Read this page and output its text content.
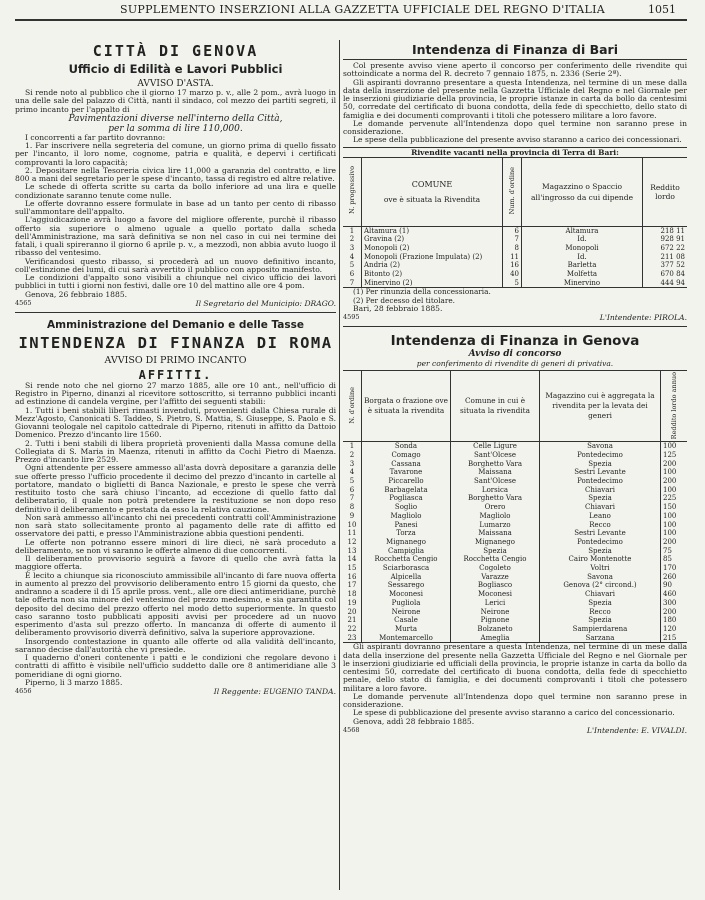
SUPPLEMENTO INSERZIONI ALLA GAZZETTA UFFICIALE DEL REGNO D'ITALIA	1051
CITTÀ DI GENOVA
Ufficio di Edilità e Lavori Pubblici
AVVISO D'ASTA.

Si rende noto al pubblico che il giorno 17 marzo p. v., alle 2 pom., avrà luogo in una delle sale del palazzo di Città, nanti il sindaco, col mezzo dei partiti segreti, il primo incanto per l'appalto di

Pavimentazioni diverse nell'interno della Città,
per la somma di lire 110,000.

I concorrenti a far partito dovranno:

1. Far inscrivere nella segreteria del comune, un giorno prima di quello fissato per l'incanto, il loro nome, cognome, patria e qualità, e depervi i certificati comprovanti la loro capacità;

2. Depositare nella Tesoreria civica lire 11,000 a garanzia del contratto, e lire 800 a mani del segretario per le spese d'incanto, tassa di registro ed altre relative.

Le schede di offerta scritte su carta da bollo inferiore ad una lira e quelle condizionate saranno tenute come nulle.

Le offerte dovranno essere formulate in base ad un tanto per cento di ribasso sull'ammontare dell'appalto.

L'aggiudicazione avrà luogo a favore del migliore offerente, purchè il ribasso offerto sia superiore o almeno uguale a quello portato dalla scheda dell'Amministrazione, ma sarà definitiva se non nel caso in cui nei termine dei fatali, i quali spireranno il giorno 6 aprile p. v., a mezzodì, non abbia avuto luogo il ribasso del ventesimo.

Verificandosi questo ribasso, si procederà ad un nuovo definitivo incanto, coll'estinzione dei lumi, di cui sarà avvertito il pubblico con apposito manifesto.

Le condizioni d'appalto sono visibili a chiunque nel civico ufficio dei lavori pubblici in tutti i giorni non festivi, dalle ore 10 del mattino alle ore 4 pom.

Genova, 26 febbraio 1885.

4565	Il Segretario del Municipio: DRAGO.
Amministrazione del Demanio e delle Tasse
INTENDENZA DI FINANZA DI ROMA
AVVISO DI PRIMO INCANTO
AFFITTI.

Si rende noto che nel giorno 27 marzo 1885, alle ore 10 ant., nell'ufficio di Registro in Piperno, dinanzi al ricevitore sottoscritto, si terranno pubblici incanti ad estinzione di candela vergine, per l'affitto dei seguenti stabili:

1. Tutti i beni stabili liberi rimasti invenduti, provenienti dalla Chiesa rurale di Mezz'Agosto, Canonicati S. Taddeo, S. Pietro, S. Mattia, S. Giuseppe, S. Paolo e S. Giovanni teologale nel capitolo cattedrale di Piperno, ritenuti in affitto da Dattoio Domenico. Prezzo d'incanto lire 1560.

2. Tutti i beni stabili di libera proprietà provenienti dalla Massa comune della Collegiata di S. Maria in Maenza, ritenuti in affitto da Cochi Pietro di Maenza. Prezzo d'incanto lire 2529.

Ogni attendente per essere ammesso all'asta dovrà depositare a garanzia delle sue offerte presso l'ufficio procedente il decimo del prezzo d'incanto in cartelle al portatore, mandato o biglietti di Banca Nazionale, e presto le spese che verrà restituito tosto che sarà chiuso l'incanto, ad eccezione di quello fatto dal deliberatario, il quale non potrà pretendere la restituzione se non dopo reso definitivo il deliberamento e prestata da esso la relativa cauzione.

Non sarà ammesso all'incanto chi nei precedenti contratti coll'Amministrazione non sarà stato sollecitamente pronto al pagamento delle rate di affitto ed osservatore dei patti, e presso l'Amministrazione abbia questioni pendenti.

Le offerte non potranno essere minori di lire dieci, nè sarà proceduto a deliberamento, se non vi saranno le offerte almeno di due concorrenti.

Il deliberamento provvisorio seguirà a favore di quello che avrà fatta la maggiore offerta.

È lecito a chiunque sia riconosciuto ammissibile all'incanto di fare nuova offerta in aumento al prezzo del provvisorio deliberamento entro 15 giorni da questo, che andranno a scadere il di 15 aprile pross. vent., alle ore dieci antimeridiane, purchè tale offerta non sia minore del ventesimo del prezzo medesimo, e sia garantita col deposito del decimo del prezzo offerto nel modo detto superiormente. In questo caso saranno tosto pubblicati appositi avvisi per procedere ad un nuovo esperimento d'asta sul prezzo offerto. In mancanza di offerte di aumento il deliberamento provvisorio diverrà definitivo, salva la superiore approvazione.

Insorgendo contestazione in quanto alle offerte od alla validità dell'incanto, saranno decise dall'autorità che vi presiede.

I quaderno d'oneri contenente i patti e le condizioni che regolare devono i contratti di affitto è visibile nell'ufficio suddetto dalle ore 8 antimeridiane alle 3 pomeridiane di ogni giorno.

Piperno, li 3 marzo 1885.

4656	Il Reggente: EUGENIO TANDA.
Intendenza di Finanza di Bari

Col presente avviso viene aperto il concorso per conferimento delle rivendite qui sottoindicate a norma del R. decreto 7 gennaio 1875, n. 2336 (Serie 2ª).

Gli aspiranti dovranno presentare a questa Intendenza, nel termine di un mese dalla data della inserzione del presente nella Gazzetta Ufficiale del Regno e nel Giornale per le inserzioni giudiziarie della provincia, le proprie istanze in carta da bollo da centesimi 50, corredate del certificato di buona condotta, della fede di specchietto, dello stato di famiglia e dei documenti comprovanti i titoli che potessero militare a loro favore.

Le domande pervenute all'Intendenza dopo quel termine non saranno prese in considerazione.

Le spese della pubblicazione del presente avviso staranno a carico dei concessionari.

Rivendite vacanti nella provincia di Terra di Bari:
N. progressivo	COMUNE
ove è situata la Rivendita	Num. d'ordine	Magazzino o Spaccio all'ingrosso da cui dipende	Reddito lordo

1	Altamura (1)	6	Altamura	218 11
2	Gravina (2)	7	Id.	928 91
3	Monopoli (2)	8	Monopoli	672 22
4	Monopoli (Frazione Impulata) (2)	11	Id.	211 08
5	Andria (2)	16	Barletta	377 52
6	Bitonto (2)	40	Molfetta	670 84
7	Minervino (2)	5	Minervino	444 94

(1) Per rinunzia della concessionaria.

(2) Per decesso del titolare.

Bari, 28 febbraio 1885.

4595	L'Intendente: PIROLA.
Intendenza di Finanza in Genova
Avviso di concorso
per conferimento di rivendite di generi di privativa.
N. d'ordine	Borgata o frazione ove è situata la rivendita	Comune in cui è situata la rivendita	Magazzino cui è aggregata la rivendita per la levata dei generi	Reddito lordo annuo
1	Sonda	Celle Ligure	Savona	100
2	Comago	Sant'Olcese	Pontedecimo	125
3	Cassana	Borghetto Vara	Spezia	200
4	Tavarone	Maissana	Sestri Levante	100
5	Piccarello	Sant'Olcese	Pontedecimo	200
6	Barbagelata	Lorsica	Chiavari	100
7	Pogliasca	Borghetto Vara	Spezia	225
8	Soglio	Orero	Chiavari	150
9	Magliolo	Magliolo	Leano	100
10	Panesi	Lumarzo	Recco	100
11	Torza	Maissana	Sestri Levante	100
12	Mignanego	Mignanego	Pontedecimo	200
13	Campiglia	Spezia	Spezia	75
14	Rocchetta Cengio	Rocchetta Cengio	Cairo Montenotte	85
15	Sciarborasca	Cogoleto	Voltri	170
16	Alpicella	Varazze	Savona	260
17	Sessarego	Bogliasco	Genova (2° circond.)	90
18	Moconesi	Moconesi	Chiavari	460
19	Pugliola	Lerici	Spezia	300
20	Neirone	Neirone	Recco	200
21	Casale	Pignone	Spezia	180
22	Murta	Bolzaneto	Sampierdarena	120
23	Montemarcello	Ameglia	Sarzana	215

Gli aspiranti dovranno presentare a questa Intendenza, nel termine di un mese dalla data della inserzione del presente nella Gazzetta Ufficiale del Regno e nel Giornale per le inserzioni giudiziarie ed ufficiali della provincia, le proprie istanze in carta da bollo da centesimi 50, corredate del certificato di buona condotta, della fede di specchietto penale, dello stato di famiglia, e dei documenti comprovanti i titoli che potessero militare a loro favore.

Le domande pervenute all'Intendenza dopo quel termine non saranno prese in considerazione.

Le spese di pubblicazione del presente avviso staranno a carico del concessionario.

Genova, addì 28 febbraio 1885.

4568	L'Intendente: E. VIVALDI.
